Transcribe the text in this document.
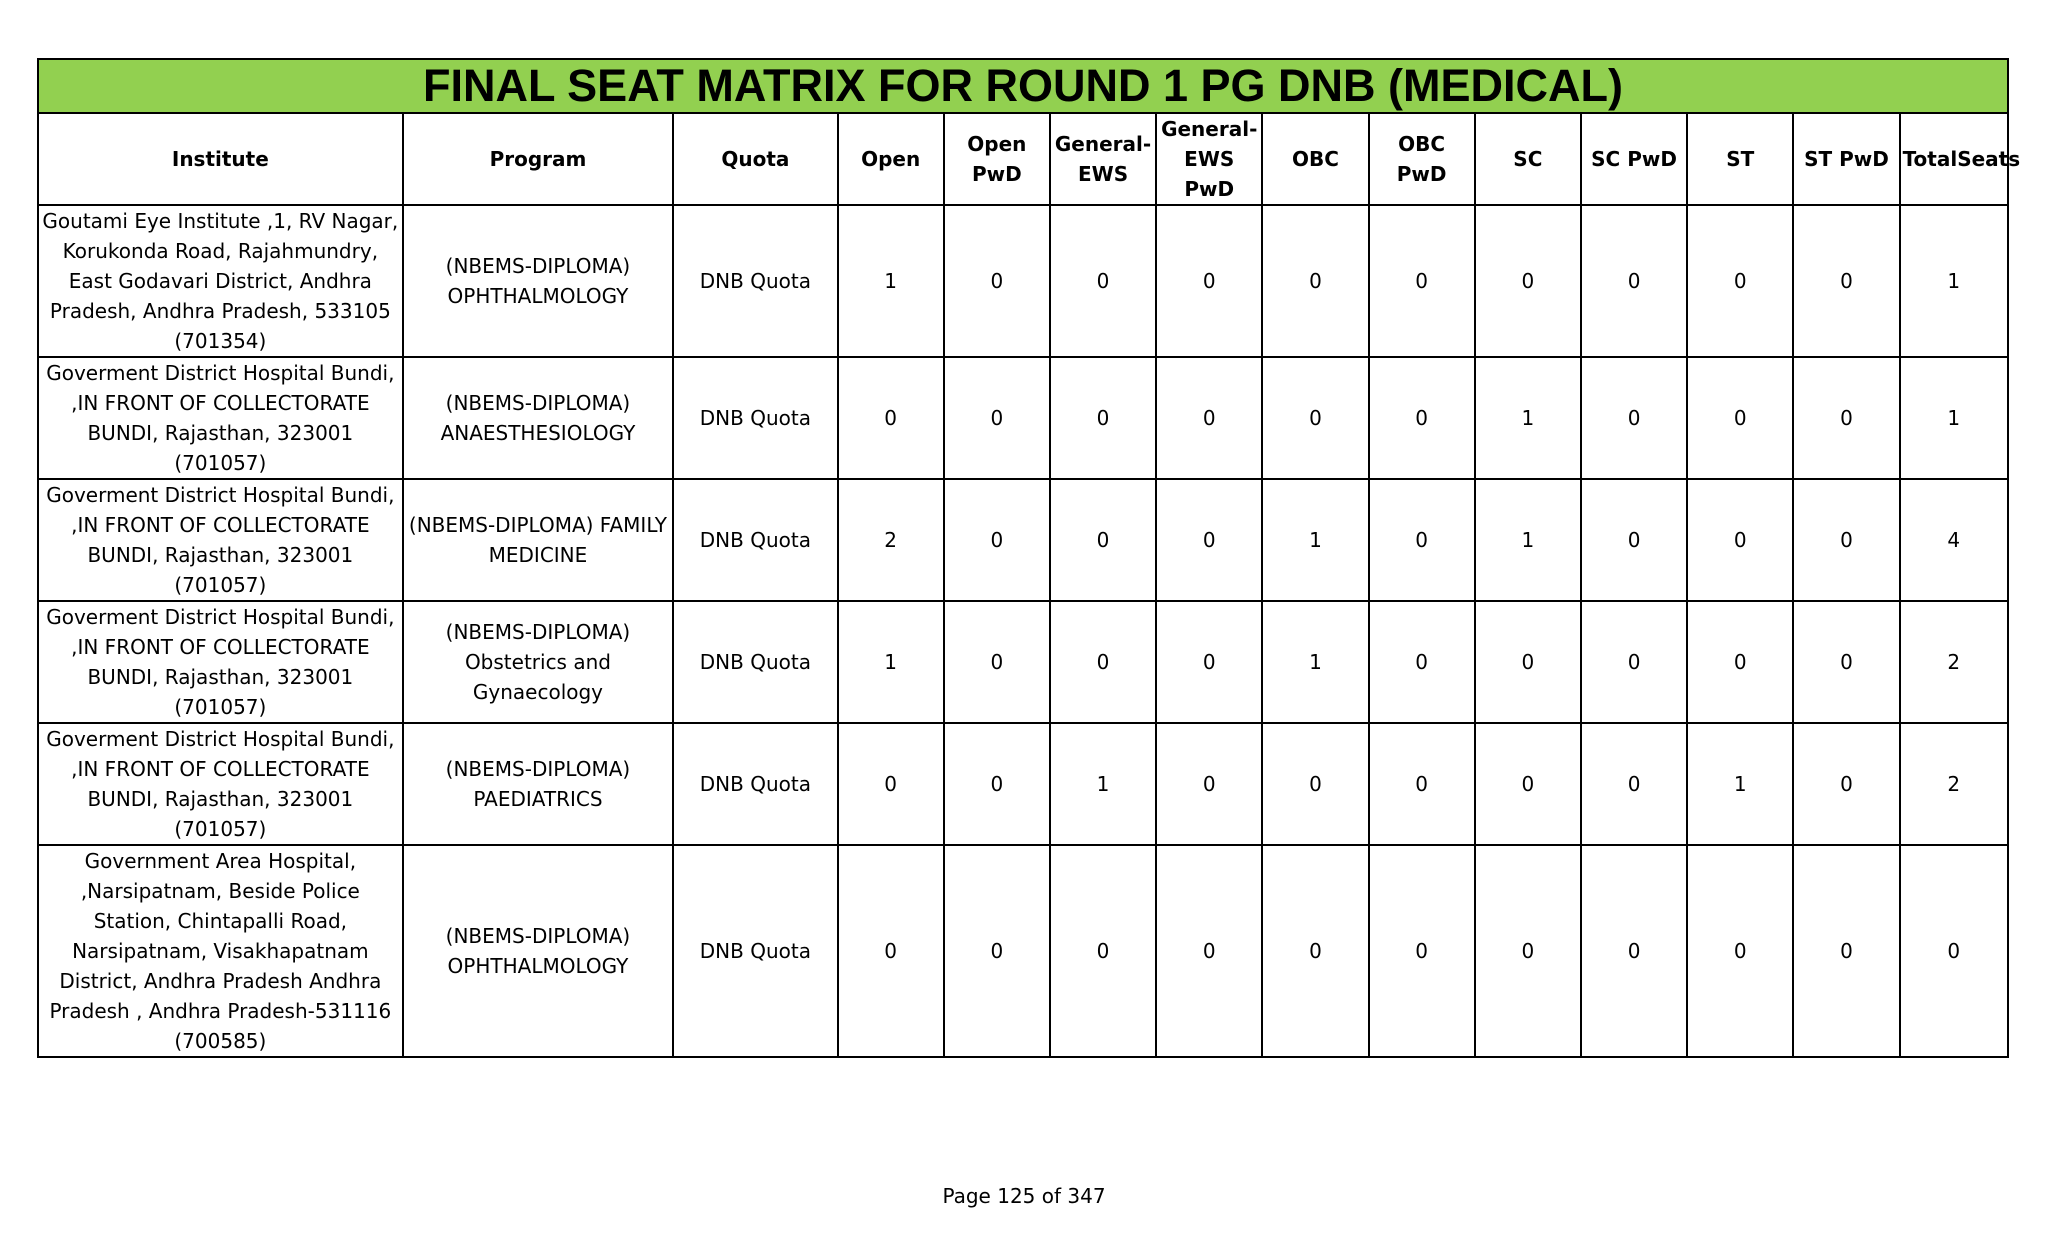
FINAL SEAT MATRIX FOR ROUND 1 PG DNB (MEDICAL)													
Institute	Program	Quota	Open	Open PwD	General-EWS	General-EWS PwD	OBC	OBC PwD	SC	SC PwD	ST	ST PwD	TotalSeats
Goutami Eye Institute ,1, RV Nagar, Korukonda Road, Rajahmundry, East Godavari District, Andhra Pradesh, Andhra Pradesh, 533105 (701354)	(NBEMS-DIPLOMA) OPHTHALMOLOGY	DNB Quota	1	0	0	0	0	0	0	0	0	0	1
Goverment District Hospital Bundi, ,IN FRONT OF COLLECTORATE BUNDI, Rajasthan, 323001 (701057)	(NBEMS-DIPLOMA) ANAESTHESIOLOGY	DNB Quota	0	0	0	0	0	0	1	0	0	0	1
Goverment District Hospital Bundi, ,IN FRONT OF COLLECTORATE BUNDI, Rajasthan, 323001 (701057)	(NBEMS-DIPLOMA) FAMILY MEDICINE	DNB Quota	2	0	0	0	1	0	1	0	0	0	4
Goverment District Hospital Bundi, ,IN FRONT OF COLLECTORATE BUNDI, Rajasthan, 323001 (701057)	(NBEMS-DIPLOMA) Obstetrics and Gynaecology	DNB Quota	1	0	0	0	1	0	0	0	0	0	2
Goverment District Hospital Bundi, ,IN FRONT OF COLLECTORATE BUNDI, Rajasthan, 323001 (701057)	(NBEMS-DIPLOMA) PAEDIATRICS	DNB Quota	0	0	1	0	0	0	0	0	1	0	2
Government Area Hospital, ,Narsipatnam, Beside Police Station, Chintapalli Road, Narsipatnam, Visakhapatnam District, Andhra Pradesh Andhra Pradesh , Andhra Pradesh-531116 (700585)	(NBEMS-DIPLOMA) OPHTHALMOLOGY	DNB Quota	0	0	0	0	0	0	0	0	0	0	0
Page 125 of 347
